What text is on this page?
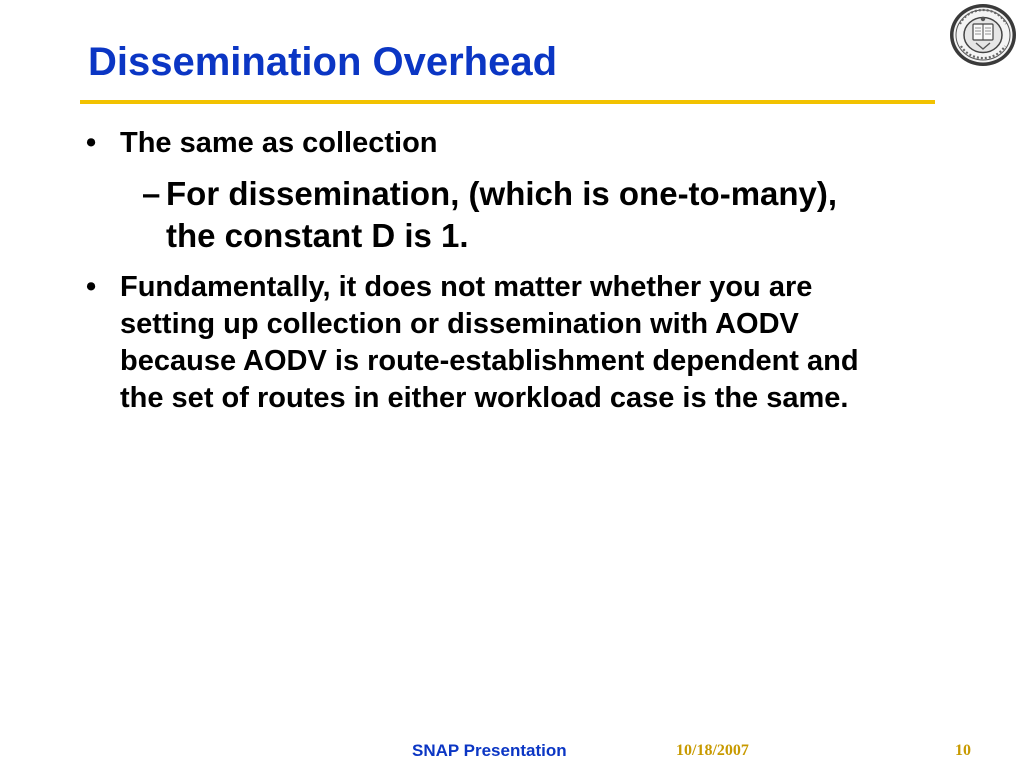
Dissemination Overhead
• The same as collection
– For dissemination, (which is one-to-many), the constant D is 1.
• Fundamentally, it does not matter whether you are setting up collection or dissemination with AODV because AODV is route-establishment dependent and the set of routes in either workload case is the same.
SNAP Presentation	10/18/2007	10
